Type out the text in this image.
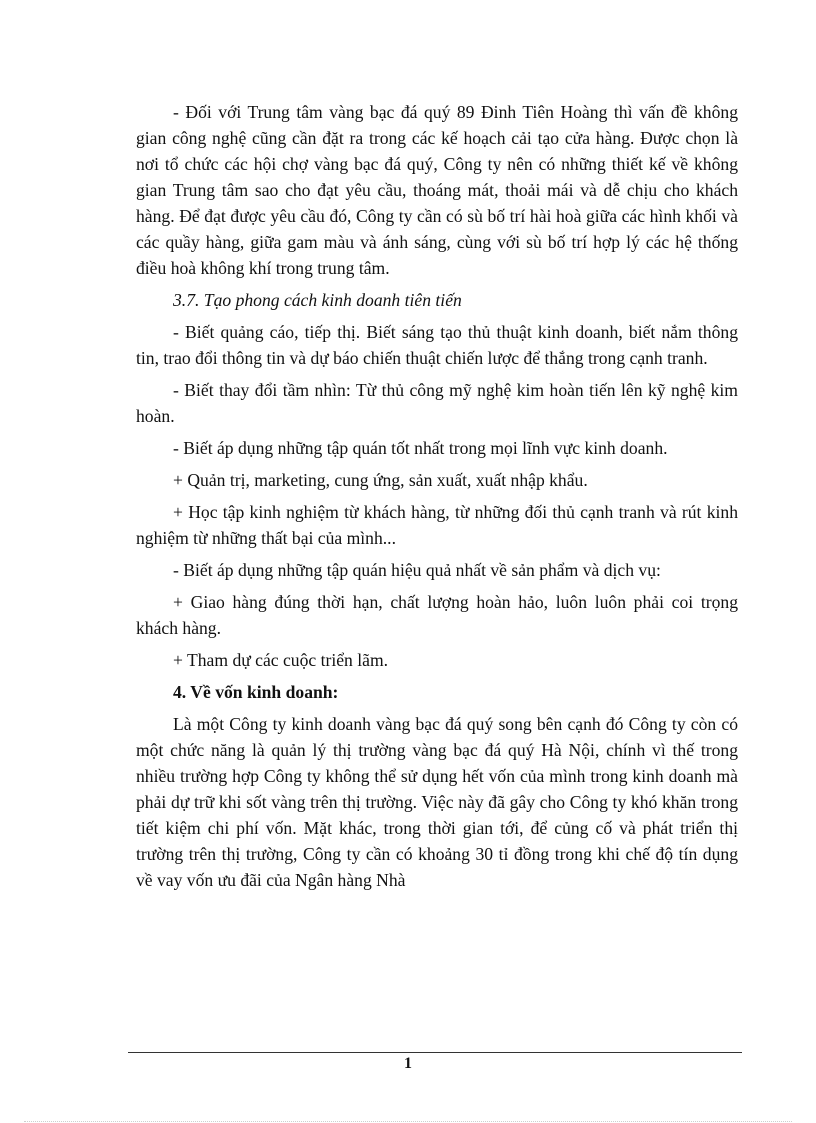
- Đối với Trung tâm vàng bạc đá quý 89 Đinh Tiên Hoàng thì vấn đề không gian công nghệ cũng cần đặt ra trong các kế hoạch cải tạo cửa hàng. Được chọn là nơi tổ chức các hội chợ vàng bạc đá quý, Công ty nên có những thiết kế về không gian Trung tâm sao cho đạt yêu cầu, thoáng mát, thoải mái và dễ chịu cho khách hàng. Để đạt được yêu cầu đó, Công ty cần có sù bố trí hài hoà giữa các hình khối và các quầy hàng, giữa gam màu và ánh sáng, cùng với sù bố trí hợp lý các hệ thống điều hoà không khí trong trung tâm.

3.7. Tạo phong cách kinh doanh tiên tiến

- Biết quảng cáo, tiếp thị. Biết sáng tạo thủ thuật kinh doanh, biết nắm thông tin, trao đổi thông tin và dự báo chiến thuật chiến lược để thắng trong cạnh tranh.

- Biết thay đổi tầm nhìn: Từ thủ công mỹ nghệ kim hoàn tiến lên kỹ nghệ kim hoàn.

- Biết áp dụng những tập quán tốt nhất trong mọi lĩnh vực kinh doanh.

+ Quản trị, marketing, cung ứng, sản xuất, xuất nhập khẩu.

+ Học tập kinh nghiệm từ khách hàng, từ những đối thủ cạnh tranh và rút kinh nghiệm từ những thất bại của mình...

- Biết áp dụng những tập quán hiệu quả nhất về sản phẩm và dịch vụ:

+ Giao hàng đúng thời hạn, chất lượng hoàn hảo, luôn luôn phải coi trọng khách hàng.

+ Tham dự các cuộc triển lãm.

4. Về vốn kinh doanh:

Là một Công ty kinh doanh vàng bạc đá quý song bên cạnh đó Công ty còn có một chức năng là quản lý thị trường vàng bạc đá quý Hà Nội, chính vì thế trong nhiều trường hợp Công ty không thể sử dụng hết vốn của mình trong kinh doanh mà phải dự trữ khi sốt vàng trên thị trường. Việc này đã gây cho Công ty khó khăn trong tiết kiệm chi phí vốn. Mặt khác, trong thời gian tới, để củng cố và phát triển thị trường trên thị trường, Công ty cần có khoảng 30 tỉ đồng trong khi chế độ tín dụng về vay vốn ưu đãi của Ngân hàng Nhà

1
